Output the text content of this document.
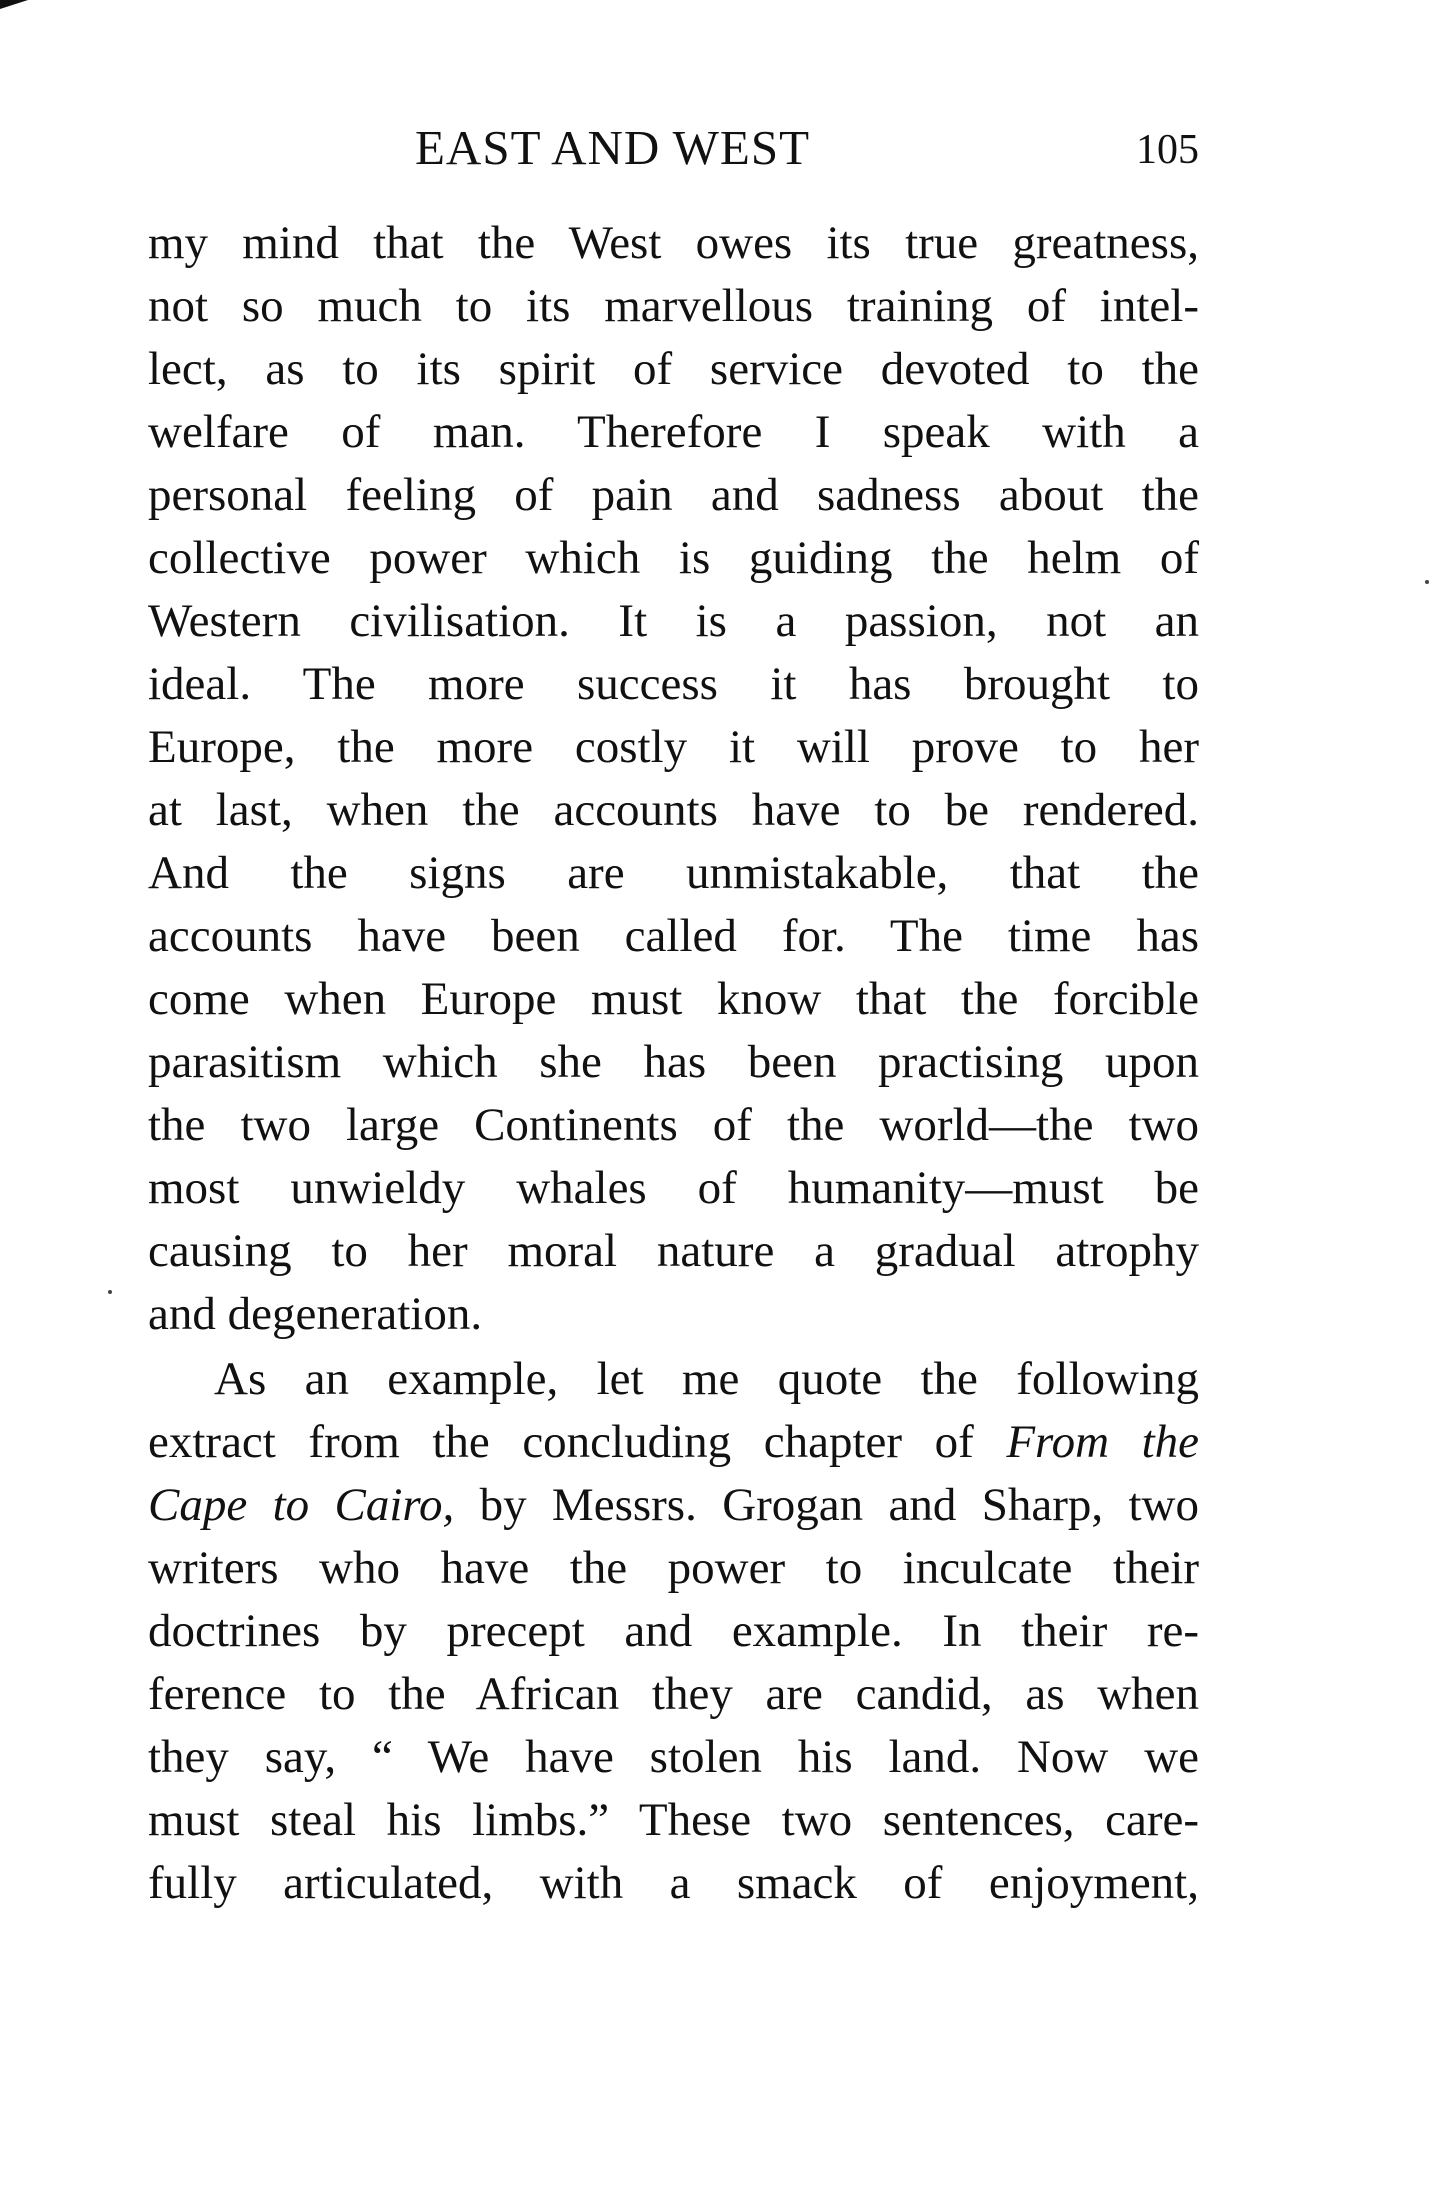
EAST AND WEST	105
my mind that the West owes its true greatness,
not so much to its marvellous training of intel-
lect, as to its spirit of service devoted to the
welfare of man. Therefore I speak with a
personal feeling of pain and sadness about the
collective power which is guiding the helm of
Western civilisation. It is a passion, not an
ideal. The more success it has brought to
Europe, the more costly it will prove to her
at last, when the accounts have to be rendered.
And the signs are unmistakable, that the
accounts have been called for. The time has
come when Europe must know that the forcible
parasitism which she has been practising upon
the two large Continents of the world—the two
most unwieldy whales of humanity—must be
causing to her moral nature a gradual atrophy
and degeneration.
As an example, let me quote the following
extract from the concluding chapter of From the
Cape to Cairo, by Messrs. Grogan and Sharp, two
writers who have the power to inculcate their
doctrines by precept and example. In their re-
ference to the African they are candid, as when
they say, “ We have stolen his land. Now we
must steal his limbs.” These two sentences, care-
fully articulated, with a smack of enjoyment,
